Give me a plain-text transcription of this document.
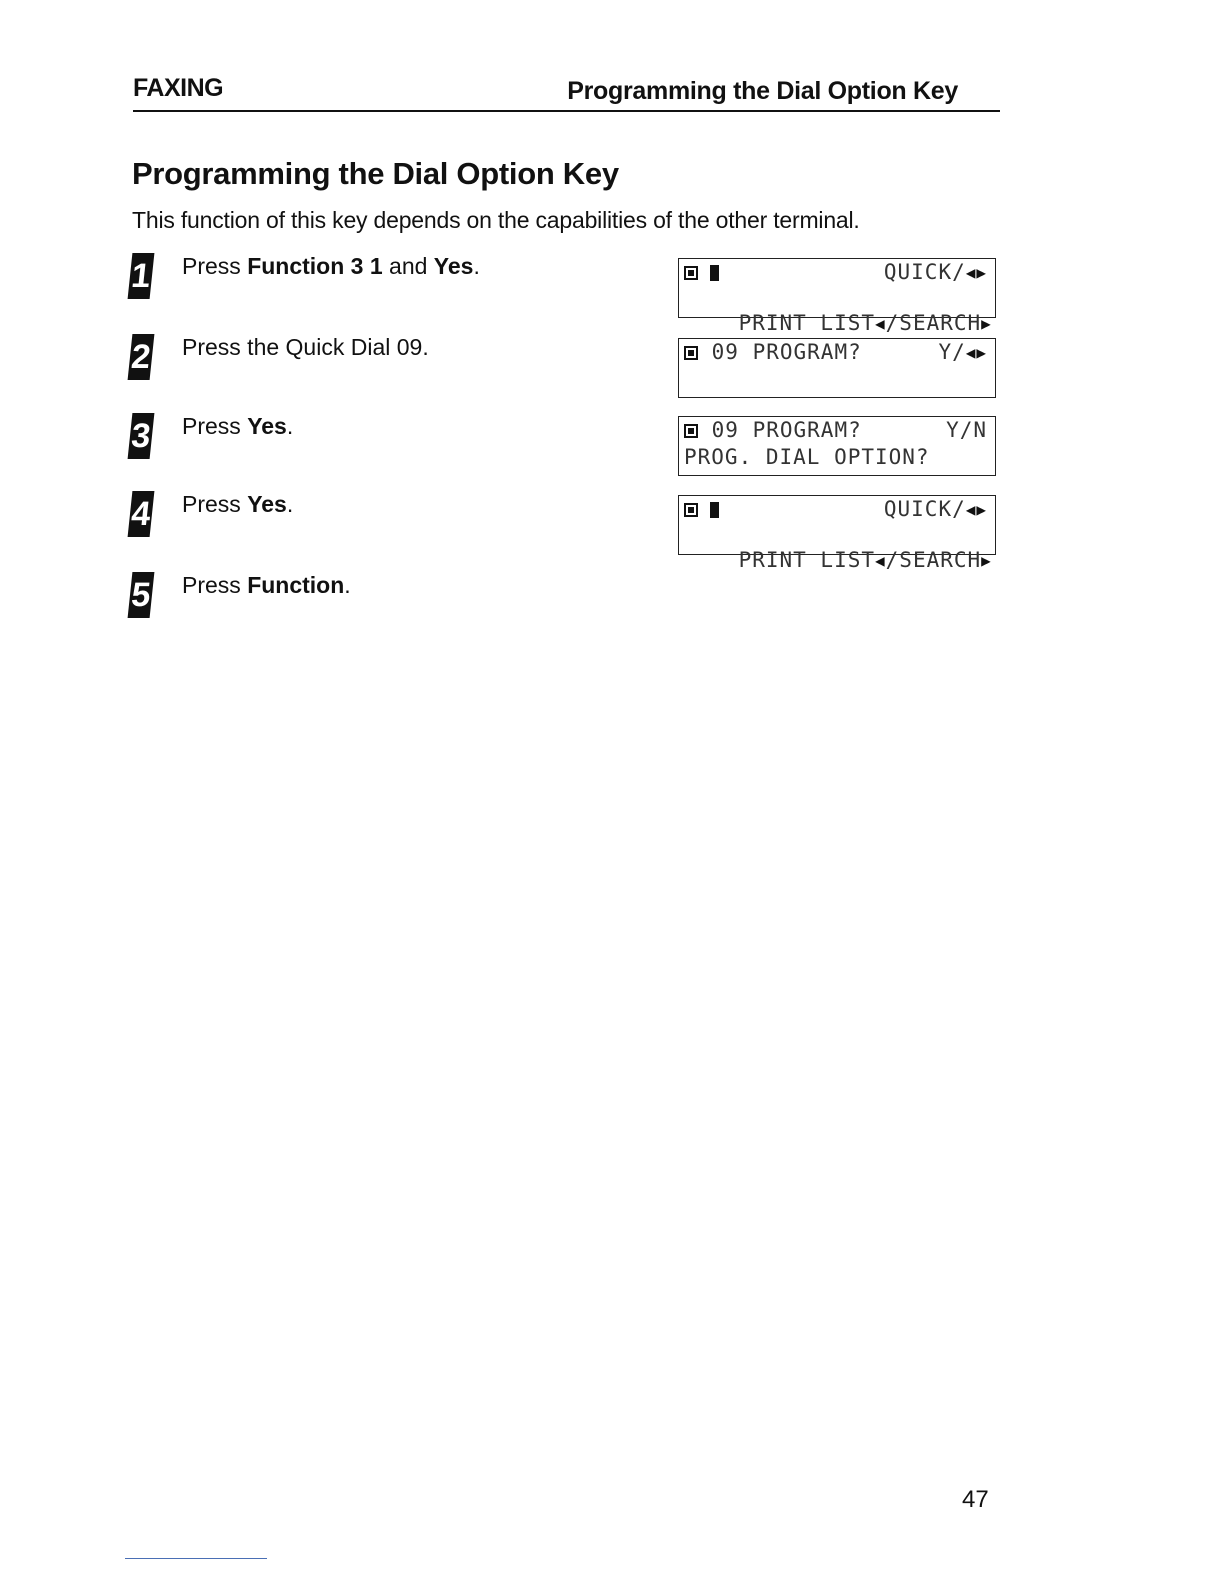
FAXING	Programming the Dial Option Key
Programming the Dial Option Key

This function of this key depends on the capabilities of the other terminal.

1 Press Function 3 1 and Yes.
2 Press the Quick Dial 09.
3 Press Yes.
4 Press Yes.
5 Press Function.

QUICK/◀▶

PRINT LIST◀/SEARCH▶

09 PROGRAM?

	Y/◀▶

09 PROGRAM?

	Y/N

PROG. DIAL OPTION?

QUICK/◀▶

PRINT LIST◀/SEARCH▶

47
